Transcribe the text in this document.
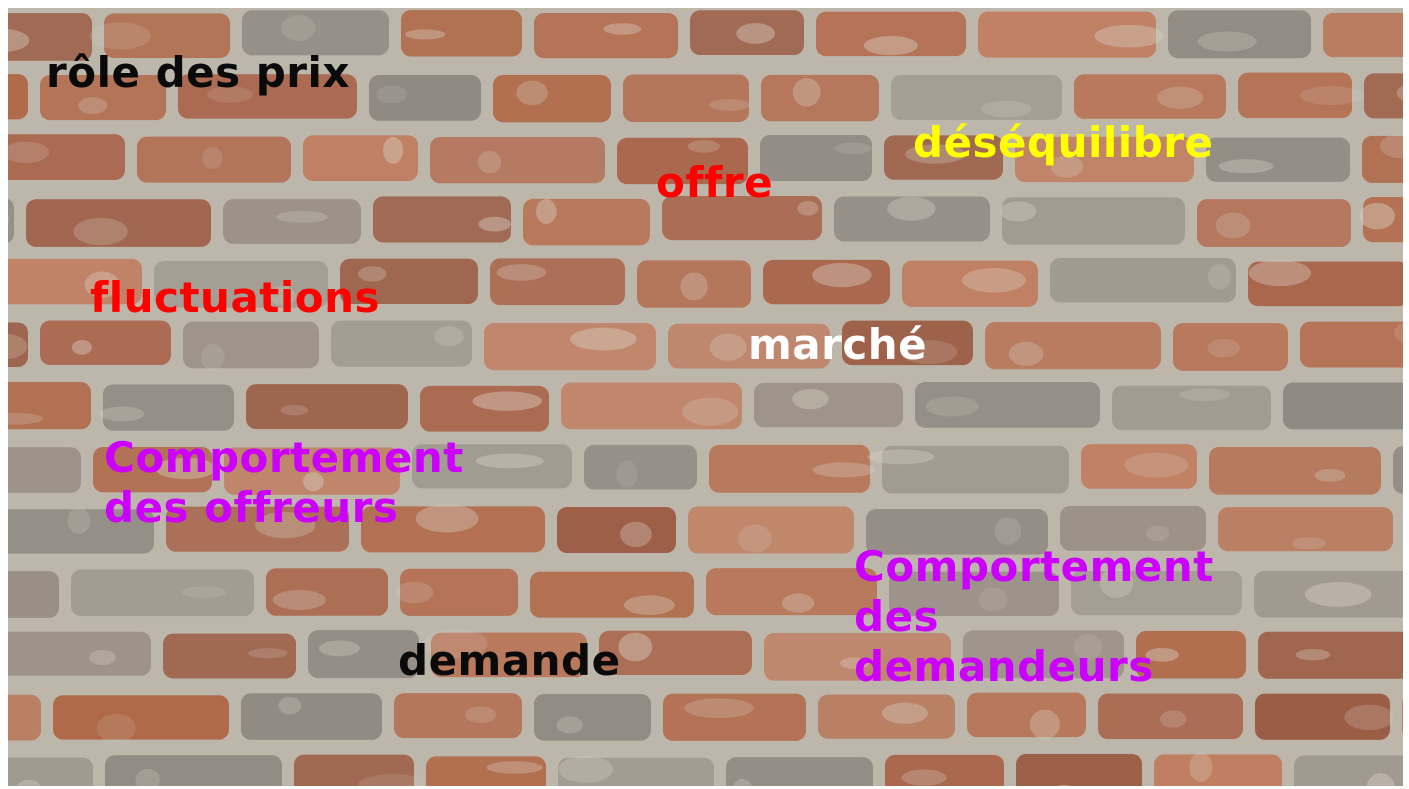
rôle des prix
déséquilibre
offre
fluctuations
marché
Comportement
des offreurs
demande
Comportement
des
demandeurs
